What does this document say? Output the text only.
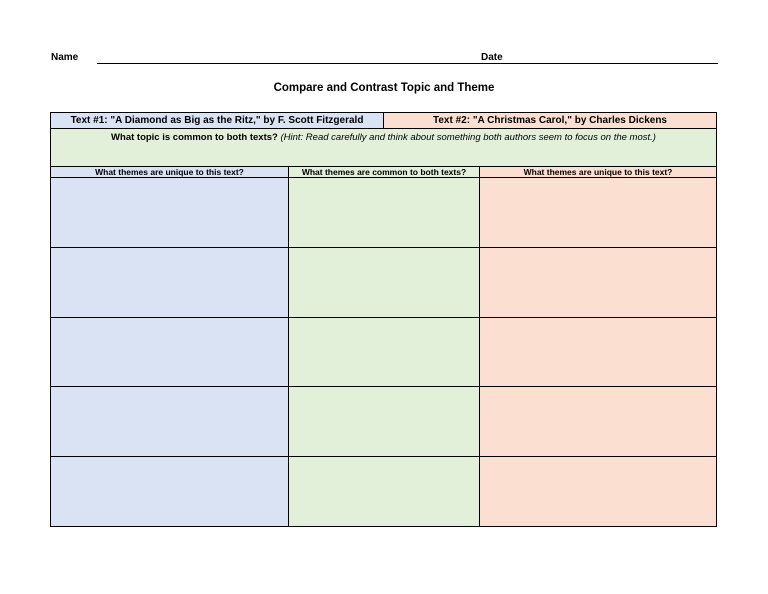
Name	Date
Compare and Contrast Topic and Theme
Text #1: "A Diamond as Big as the Ritz," by F. Scott Fitzgerald	Text #2: "A Christmas Carol," by Charles Dickens
What topic is common to both texts? (Hint: Read carefully and think about something both authors seem to focus on the most.)
What themes are unique to this text?	What themes are common to both texts?	What themes are unique to this text?
